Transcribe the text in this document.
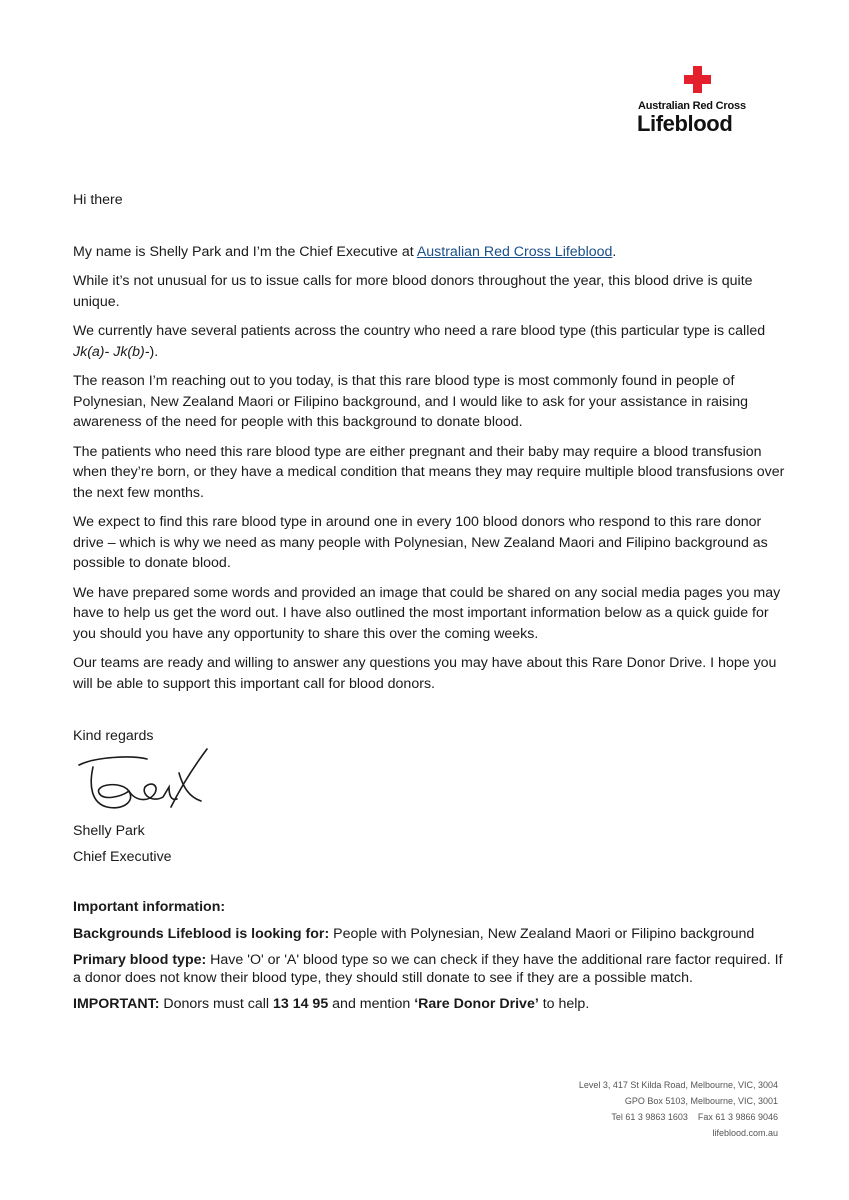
Australian Red Cross
Lifeblood

Hi there

My name is Shelly Park and I’m the Chief Executive at Australian Red Cross Lifeblood.

While it’s not unusual for us to issue calls for more blood donors throughout the year, this blood drive is quite unique.

We currently have several patients across the country who need a rare blood type (this particular type is called Jk(a)- Jk(b)-).

The reason I’m reaching out to you today, is that this rare blood type is most commonly found in people of Polynesian, New Zealand Maori or Filipino background, and I would like to ask for your assistance in raising awareness of the need for people with this background to donate blood.

The patients who need this rare blood type are either pregnant and their baby may require a blood transfusion when they’re born, or they have a medical condition that means they may require multiple blood transfusions over the next few months.

We expect to find this rare blood type in around one in every 100 blood donors who respond to this rare donor drive – which is why we need as many people with Polynesian, New Zealand Maori and Filipino background as possible to donate blood.

We have prepared some words and provided an image that could be shared on any social media pages you may have to help us get the word out. I have also outlined the most important information below as a quick guide for you should you have any opportunity to share this over the coming weeks.

Our teams are ready and willing to answer any questions you may have about this Rare Donor Drive. I hope you will be able to support this important call for blood donors.

Kind regards

Shelly Park

Chief Executive

Important information:

Backgrounds Lifeblood is looking for: People with Polynesian, New Zealand Maori or Filipino background

Primary blood type: Have 'O' or 'A' blood type so we can check if they have the additional rare factor required. If a donor does not know their blood type, they should still donate to see if they are a possible match.

IMPORTANT: Donors must call 13 14 95 and mention ‘Rare Donor Drive’ to help.

Level 3, 417 St Kilda Road, Melbourne, VIC, 3004
GPO Box 5103, Melbourne, VIC, 3001
Tel 61 3 9863 1603    Fax 61 3 9866 9046
lifeblood.com.au
